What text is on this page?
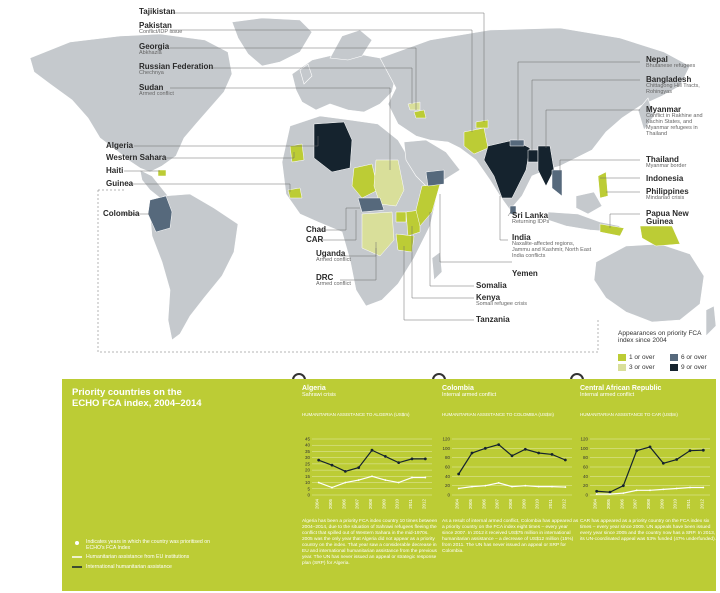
Tajikistan
Pakistan
Conflict/IDP issue
Georgia
Abkhazia
Russian Federation
Chechnya
Sudan
Armed conflict
Algeria
Western Sahara
Haiti
Guinea
Colombia
Chad
CAR
Uganda
Armed conflict
DRC
Armed conflict
Nepal
Bhutanese refugees
Bangladesh
Chittagong Hill Tracts, Rohingyas
Myanmar
Conflict in Rakhine and Kachin States, and Myanmar refugees in Thailand
Thailand
Myanmar border
Indonesia
Philippines
Mindanao crisis
Papua New Guinea
Sri Lanka
Returning IDPs
India
Naxalite-affected regions, Jammu and Kashmir, North East India conflicts
Yemen
Somalia
Kenya
Somali refugee crisis
Tanzania
Appearances on priority FCA index since 2004
1 or over
3 or over
6 or over
9 or over
Priority countries on the
ECHO FCA index, 2004–2014
Algeria
Sahrawi crisis
HUMANITARIAN ASSISTANCE TO ALGERIA (US$m)
Colombia
Internal armed conflict
HUMANITARIAN ASSISTANCE TO COLOMBIA (US$m)
Central African Republic
Internal armed conflict
HUMANITARIAN ASSISTANCE TO CAR (US$m)
45
40
35
30
25
20
15
10
5
0
2004 2005 2006 2007 2008 2009 2010 2011 2012
120
100
80
60
40
20
0
2004 2005 2006 2007 2008 2009 2010 2011 2012
120
100
80
60
40
20
0
2004 2005 2006 2007 2008 2009 2010 2011 2012
Algeria has been a priority FCA index country 10 times between 2004–2014, due to the situation of Sahrawi refugees fleeing the conflict that spilled out of Western Sahara in the mid-1970s. 2005 was the only year that Algeria did not appear as a priority country on the index. That year saw a considerable decrease in EU and international humanitarian assistance from the previous year. The UN has never issued an appeal or strategic response plan (SRP) for Algeria.
As a result of internal armed conflict, Colombia has appeared as a priority country on the FCA index eight times – every year since 2007. In 2012 it received US$75 million in international humanitarian assistance – a decrease of US$12 million (15%) from 2011. The UN has never issued an appeal or SRP for Colombia.
CAR has appeared as a priority country on the FCA index six times – every year since 2009. UN appeals have been issued every year since 2005 and the country now has a SRP. In 2013, its UN-coordinated appeal was 53% funded (47% underfunded).
Indicates years in which the country was prioritised on ECHO's FCA Index
Humanitarian assistance from EU institutions
International humanitarian assistance
